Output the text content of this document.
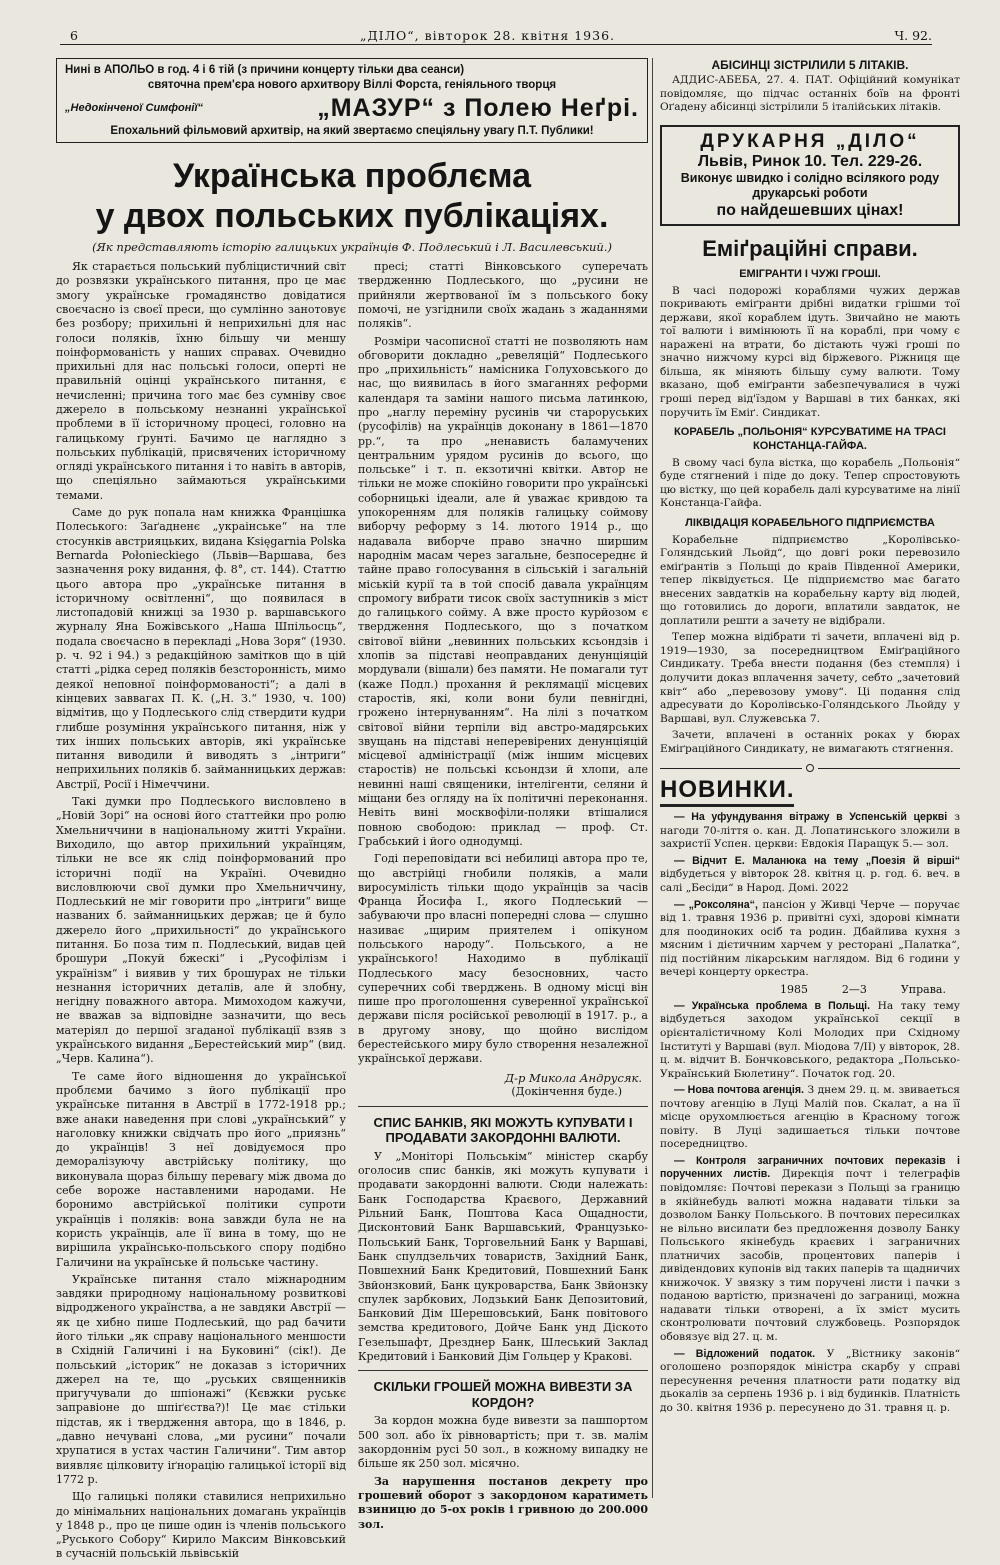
6	„ДІЛО“, вівторок 28. квітня 1936.	Ч. 92.
Нині в АПОЛЬО в год. 4 і 6 тій (з причини концерту тільки два сеанси)
святочна прем'єра нового архитвору Віллі Форста, геніяльного творця
„Недокінченої Симфонії“	„МАЗУР“ з Полею Неґрі.
Епохальний фільмовий архитвір, на який звертаємо спеціяльну увагу П.Т. Публики!
Українська проблєма
у двох польських публікаціях.
(Як представляють історію галицьких українців Ф. Подлеський і Л. Василевський.)

Як старається польський публіцистичний світ до розвязки українського питання, про це має змогу українське громадянство довідатися своєчасно із своєї преси, що сумлінно занотовує без розбору; прихильні й неприхильні для нас голоси поляків, їхню більшу чи меншу поінформованість у наших справах. Очевидно прихильні для нас польські голоси, оперті не правильній оцінці українського питання, є нечисленні; причина того має без сумніву своє джерело в польському незнанні української проблеми в її історичному процесі, головно на галицькому ґрунті. Бачимо це наглядно з польських публікацій, присвячених історичному огляді українського питання і то навіть в авторів, що спеціяльно займаються українськими темами.

Саме до рук попала нам книжка Францішка Полеського: Заґадненє „украінське“ на тле стосунків австрияцьких, видана Księgarnia Polska Bernarda Połonieckiego (Львів—Варшава, без зазначення року видання, ф. 8°, ст. 144). Статтю цього автора про „українське питання в історичному освітленні“, що появилася в листопадовій книжці за 1930 р. варшавського журналу Яна Божівського „Наша Шпільосць“, подала своєчасно в перекладі „Нова Зоря“ (1930. р. ч. 92 і 94.) з редакційною замітков що в цій статті „рідка серед поляків безсторонність, мимо деякої неповної поінформованості“; а далі в кінцевих заввагах П. К. („Н. З.“ 1930, ч. 100) відмітив, що у Подлеського слід ствердити кудри глибше розуміння українського питання, ніж у тих інших польських авторів, які українське питання виводили й виводять з „інтриги“ неприхильних поляків б. займанницьких держав: Австрії, Росії і Німеччини.

Такі думки про Подлеського висловлено в „Новій Зорі“ на основі його статтейки про ролю Хмельниччини в національному житті України. Виходило, що автор прихильний українцям, тільки не все як слід поінформований про історичні події на Україні. Очевидно висловлюючи свої думки про Хмельниччину, Подлеський не міг говорити про „інтриги“ вище названих б. займанницьких держав; це й було джерело його „прихильності“ до українського питання. Бо поза тим п. Подлеський, видав цей брошури „Покуй бжескі“ і „Русофілізм і українізм“ і виявив у тих брошурах не тільки незнання історичних деталів, але й злобну, негідну поважного автора. Мимоходом кажучи, не вважав за відповідне зазначити, що весь матеріял до першої згаданої публікації взяв з українського видання „Берестейський мир“ (вид. „Черв. Калина“).

Те саме його відношення до української проблєми бачимо з його публікації про українське питання в Австрії в 1772-1918 рр.; вже анаки наведення при слові „український“ у наголовку книжки свідчать про його „приязнь“ до українців! З неї довідуємося про деморалізуючу австрійську політику, що виконувала щораз більшу перевагу між двома до себе вороже наставленими народами. Не боронимо австрійської політики супроти українців і поляків: вона завжди була не на користь українців, але її вина в тому, що не вирішила українсько-польського спору подібно Галичини на українське й польське частину.

Українське питання стало міжнародним завдяки природному національному розвиткові відродженого українства, а не завдяки Австрії — як це хибно пише Подлеський, що рад бачити його тільки „як справу національного меншости в Східній Галичині і на Буковині“ (сік!). Де польський „історик“ не доказав з історичних джерел на те, що „руських священників пригучували до шпіонажі“ (Кєвжки руськє заправіоне до шпіґєства?)! Це має стільки підстав, як і твердження автора, що в 1846, р. „давно нечувані слова, „ми русини“ почали хрупатися в устах частин Галичини“. Тим автор виявляє цілковиту іґнорацію галицької історії від 1772 р.

Що галицькі поляки ставилися неприхильно до мінімальних національних домагань українців у 1848 р., про це пише один із членів польського „Руського Собору“ Кирило Максим Вінковський в сучасній польській львівській

пресі; статті Вінковського суперечать твердженню Подлеського, що „русини не прийняли жертвованої їм з польського боку помочі, не узгіднили своїх жадань з жаданнями поляків“.

Розміри часописної статті не позволяють нам обговорити докладно „ревеляцій“ Подлеського про „прихильність“ намісника Голуховського до нас, що виявилась в його змаганнях реформи календаря та заміни нашого письма латинкою, про „наглу переміну русинів чи староруських (русофілів) на українців доконану в 1861—1870 рр.“, та про „ненависть баламучених центральним урядом русинів до всього, що польське“ і т. п. екзотичні квітки. Автор не тільки не може спокійно говорити про українські соборницькі ідеали, але й уважає кривдою та упокоренням для поляків галицьку соймову виборчу реформу з 14. лютого 1914 р., що надавала виборче право значно ширшим народнім масам через загальне, безпосереднє й тайне право голосування в сільській і загальній міській курії та в той спосіб давала українцям спромогу вибрати тисок своїх заступників з міст до галицького сойму. А вже просто курйозом є твердження Подлеського, що з початком світової війни „невинних польських ксьондзів і хлопів за підставі неоправданих денунціяцій мордували (вішали) без памяти. Не помагали тут (каже Подл.) прохання й реклямації місцевих старостів, які, коли вони були певнігдні, грожено інтернуванням“. На лілі з початком світової війни терпіли від австро-мадярських звущань на підставі неперевірених денунціяцій місцевої адміністрації (між іншим місцевих старостів) не польські ксьондзи й хлопи, але невинні наші священики, інтелігенти, селяни й міщани без огляду на їх політичні переконання. Невіть вині москвофіли-поляки втішалися повною свободою: приклад — проф. Ст. Грабський і його однодумці.

Годі переповідати всі небилиці автора про те, що австрійці гнобили поляків, а мали виросумілість тільки щодо українців за часів Франца Йосифа I., якого Подлеський — забуваючи про власні попередні слова — слушно називає „щирим приятелем і опікуном польського народу“. Польського, а не українського! Находимо в публікації Подлеського масу безосновних, часто суперечних собі тверджень. В одному місці він пише про проголошення суверенної української держави після російської революції в 1917. р., а в другому знову, що щойно вислідом берестейського миру було створення незалежної української держави.

Д-р Микола Андрусяк.
(Докінчення буде.)
СПИС БАНКІВ, ЯКІ МОЖУТЬ КУПУВАТИ І ПРОДАВАТИ ЗАКОРДОННІ ВАЛЮТИ.

У „Моніторі Польськім“ міністер скарбу оголосив спис банків, які можуть купувати і продавати закордонні валюти. Сюди належать: Банк Господарства Краєвого, Державний Рільний Банк, Поштова Каса Ощадности, Дисконтовий Банк Варшавський, Французько-Польський Банк, Торговельний Банк у Варшаві, Банк спулдзельчих товариств, Західний Банк, Повшехний Банк Кредитовий, Повшехний Банк Звйонзковий, Банк цукроварства, Банк Звйонзку спулек зарбкових, Лодзький Банк Депозитовий, Банковий Дім Шерешовський, Банк повітового земства кредитового, Дойче Банк унд Діското Гезельшафт, Дрезднер Банк, Шлеський Заклад Кредитовий і Банковий Дім Гольцер у Кракові.

СКІЛЬКИ ГРОШЕЙ МОЖНА ВИВЕЗТИ ЗА КОРДОН?

За кордон можна буде вивезти за пашпортом 500 зол. або їх рівновартість; при т. зв. малім закордоннім русі 50 зол., в кожному випадку не більше як 250 зол. місячно.

За нарушення постанов декрету про грошевий оборот з закордоном каратиметь взиницю до 5-ох років і гривною до 200.000 зол.

АБІСИНЦІ ЗІСТРІЛИЛИ 5 ЛІТАКІВ.

АДДИС-АБЕБА, 27. 4. ПАТ. Офіційний комунікат повідомляє, що підчас останніх боїв на фронті Оґадену абісинці зістрілили 5 італійських літаків.

ДРУКАРНЯ „ДІЛО“
Львів, Ринок 10. Тел. 229-26.
Виконує швидко і солідно всілякого роду друкарські роботи
по найдешевших цінах!
Еміґраційні справи.
ЕМІГРАНТИ І ЧУЖІ ГРОШІ.

В часі подорожі кораблями чужих держав покривають еміґранти дрібні видатки грішми тої держави, якої кораблем ідуть. Звичайно не мають тої валюти і вимінюють її на кораблі, при чому є наражені на втрати, бо дістають чужі гроші по значно нижчому курсі від біржевого. Ріжниця ще більша, як міняють більшу суму валюти. Тому вказано, щоб еміґранти забезпечувалися в чужі гроші перед від'їздом у Варшаві в тих банках, які поручить їм Еміґ. Синдикат.

КОРАБЕЛЬ „ПОЛЬОНІЯ“ КУРСУВАТИМЕ НА ТРАСІ КОНСТАНЦА-ГАЙФА.

В свому часі була вістка, що корабель „Польонія“ буде стягнений і піде до доку. Тепер спростовують цю вістку, що цей корабель далі курсуватиме на лінії Констанца-Гайфа.

ЛІКВІДАЦІЯ КОРАБЕЛЬНОГО ПІДПРИЄМСТВА

Корабельне підприємство „Королівсько-Голяндський Льойд“, що довгі роки перевозило еміґрантів з Польщі до краів Південної Америки, тепер ліквідується. Це підприємство має багато внесених завдатків на корабельну карту від людей, що готовились до дороги, вплатили завдаток, не доплатили решти а зачету не відібрали.

Тепер можна відібрати ті зачети, вплачені від р. 1919—1930, за посередництвом Еміґраційного Синдикату. Треба внести подання (без стемпля) і долучити доказ вплачення зачету, себто „зачетовий квіт“ або „перевозову умову“. Ці подання слід адресувати до Королівсько-Голяндського Льойду у Варшаві, вул. Служевська 7.

Зачети, вплачені в останніх роках у бюрах Еміґраційного Синдикату, не вимагають стягнення.

НОВИНКИ.

— На уфундування вітражу в Успенській церкві з нагоди 70-ліття о. кан. Д. Лопатинського зложили в захристії Успен. церкви: Евдокія Паращук 5.— зол.

— Відчит Е. Маланюка на тему „Поезія й вірші“ відбудеться у вівторок 28. квітня ц. р. год. 6. веч. в салі „Бесіди“ в Народ. Домі. 2022

— „Роксоляна“, пансіон у Живці Черче — поручає від 1. травня 1936 р. привітні сухі, здорові кімнати для поодиноких осіб та родин. Дбайлива кухня з мясним і дієтичним харчем у ресторані „Палатка“, під постійним лікарським наглядом. Від 6 години у вечері концерту оркестра.

1985	2—3	Управа.

— Українська проблема в Польщі. На таку тему відбудеться заходом української секції в орієнталістичному Колі Молодих при Східному Інституті у Варшаві (вул. Міодова 7/II) у вівторок, 28. ц. м. відчит В. Бончковського, редактора „Польсько-Український Бюлетину“. Початок год. 20.

— Нова почтова агенція. З днем 29. ц. м. звиваеться почтову агенцію в Луці Малій пов. Скалат, а на її місце орухомлюється агенцію в Красному тогож повіту. В Луці задишаеться тільки почтове посередництво.

— Контроля заграничних почтових переказів і порученних листів. Дирекція почт і телеграфів повідомляє: Почтові перекази з Польщі за границю в якійнебудь валюті можна надавати тільки за дозволом Банку Польського. В почтових пересилках не вільно висилати без предложення дозволу Банку Польського якінебудь краєвих і заграничних платничих засобів, процентових паперів і дивідендових купонів від таких паперів та щадничих книжочок. У звязку з тим поручені листи і пачки з поданою вартістю, призначені до заграниці, можна надавати тільки отворені, а їх зміст мусить сконтролювати почтовий службовець. Розпорядок обовязує від 27. ц. м.

— Відложений податок. У „Вістнику законів“ оголошено розпорядок міністра скарбу у справі пересунення речення платности рати податку від дьокалів за серпень 1936 р. і від будинків. Платність до 30. квітня 1936 р. пересунено до 31. травня ц. р.
